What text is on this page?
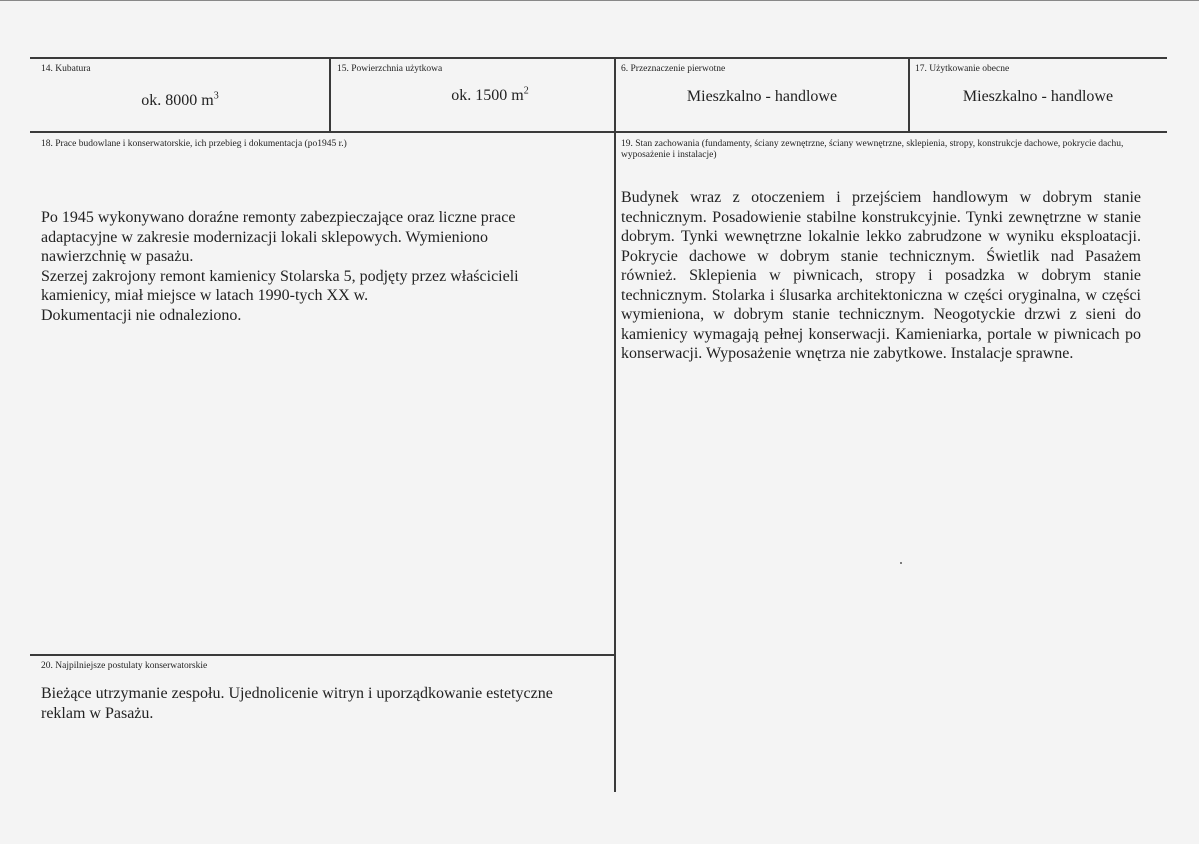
14. Kubatura
ok. 8000 $m^3$
15. Powierzchnia użytkowa
ok. 1500 $m^2$
6. Przeznaczenie pierwotne
Mieszkalno - handlowe
17. Użytkowanie obecne
Mieszkalno - handlowe
18. Prace budowlane i konserwatorskie, ich przebieg i dokumentacja (po1945 r.)

Po 1945 wykonywano doraźne remonty zabezpieczające oraz liczne prace adaptacyjne w zakresie modernizacji lokali sklepowych. Wymieniono nawierzchnię w pasażu.

Szerzej zakrojony remont kamienicy Stolarska 5, podjęty przez właścicieli kamienicy, miał miejsce w latach 1990-tych XX w.

Dokumentacji nie odnaleziono.

19. Stan zachowania (fundamenty, ściany zewnętrzne, ściany wewnętrzne, sklepienia, stropy, konstrukcje dachowe, pokrycie dachu, wyposażenie i instalacje)

Budynek wraz z otoczeniem i przejściem handlowym w dobrym stanie technicznym. Posadowienie stabilne konstrukcyjnie. Tynki zewnętrzne w stanie dobrym. Tynki wewnętrzne lokalnie lekko zabrudzone w wyniku eksploatacji. Pokrycie dachowe w dobrym stanie technicznym. Świetlik nad Pasażem również. Sklepienia w piwnicach, stropy i posadzka w dobrym stanie technicznym. Stolarka i ślusarka architektoniczna w części oryginalna, w części wymieniona, w dobrym stanie technicznym. Neogotyckie drzwi z sieni do kamienicy wymagają pełnej konserwacji. Kamieniarka, portale w piwnicach po konserwacji. Wyposażenie wnętrza nie zabytkowe. Instalacje sprawne.

20. Najpilniejsze postulaty konserwatorskie

Bieżące utrzymanie zespołu. Ujednolicenie witryn i uporządkowanie estetyczne reklam w Pasażu.
